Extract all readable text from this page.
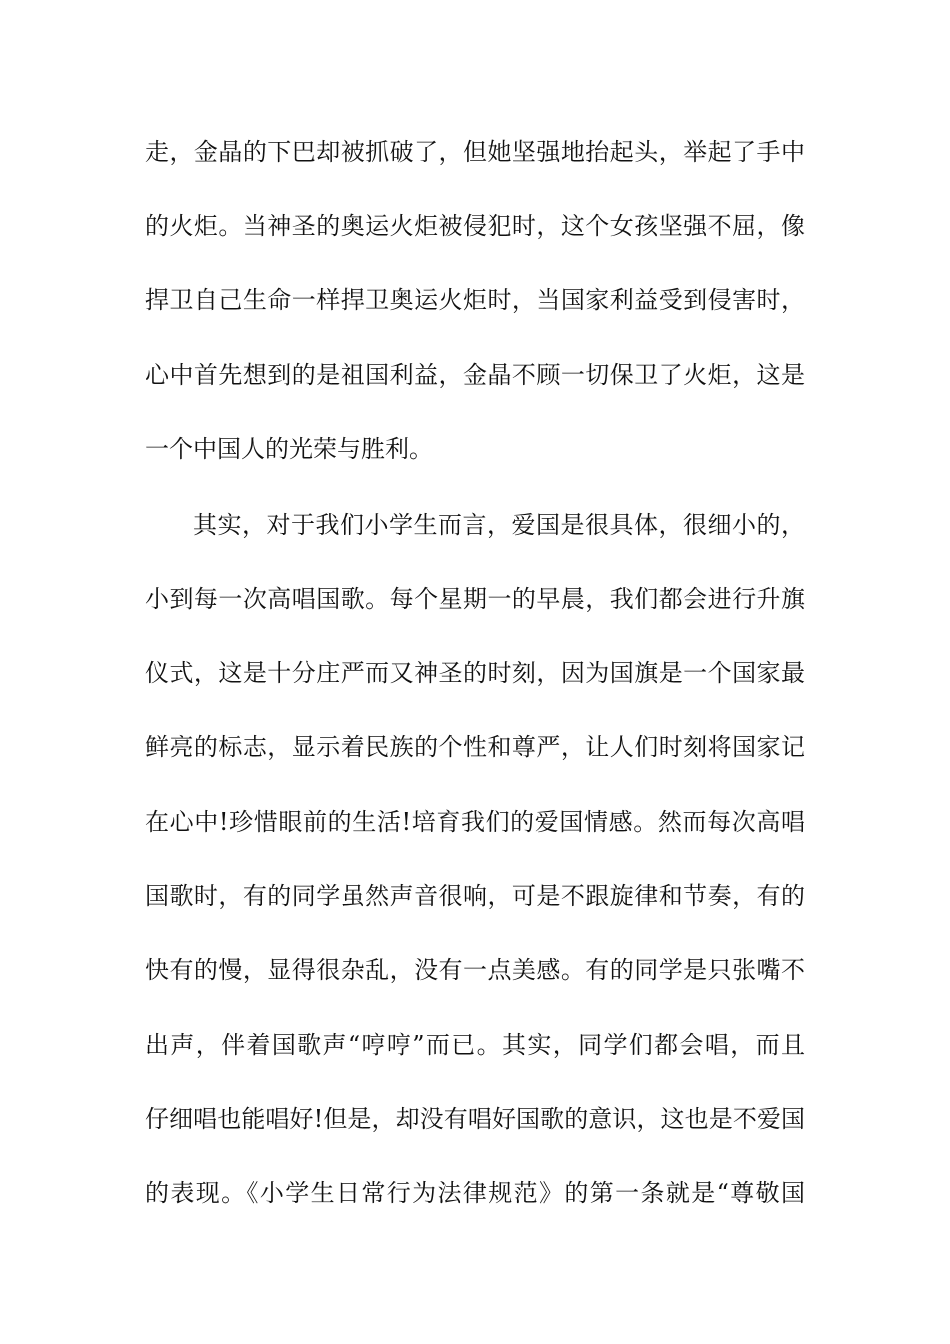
走，金晶的下巴却被抓破了，但她坚强地抬起头，举起了手中
的火炬。当神圣的奥运火炬被侵犯时，这个女孩坚强不屈，像
捍卫自己生命一样捍卫奥运火炬时，当国家利益受到侵害时，
心中首先想到的是祖国利益，金晶不顾一切保卫了火炬，这是
一个中国人的光荣与胜利。
其实，对于我们小学生而言，爱国是很具体，很细小的，
小到每一次高唱国歌。每个星期一的早晨，我们都会进行升旗
仪式，这是十分庄严而又神圣的时刻，因为国旗是一个国家最
鲜亮的标志，显示着民族的个性和尊严，让人们时刻将国家记
在心中!珍惜眼前的生活!培育我们的爱国情感。然而每次高唱
国歌时，有的同学虽然声音很响，可是不跟旋律和节奏，有的
快有的慢，显得很杂乱，没有一点美感。有的同学是只张嘴不
出声，伴着国歌声“哼哼”而已。其实，同学们都会唱，而且
仔细唱也能唱好!但是，却没有唱好国歌的意识，这也是不爱国
的表现。《小学生日常行为法律规范》的第一条就是“尊敬国
